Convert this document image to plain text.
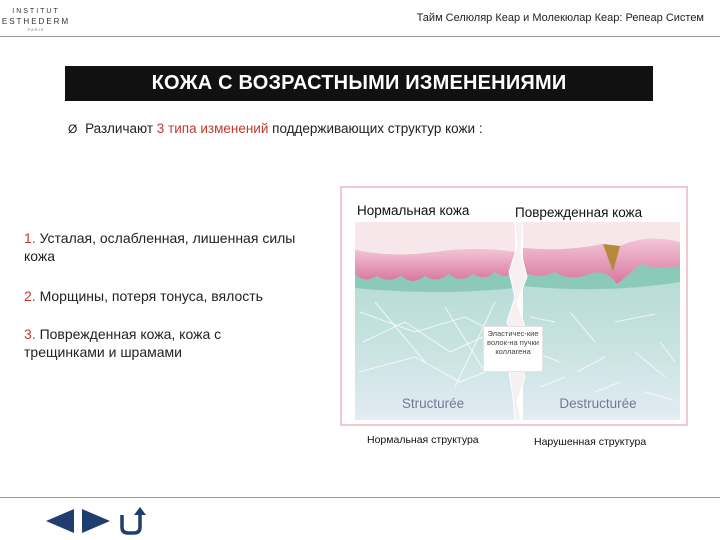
INSTITUT
ESTHEDERM
PARIS
Тайм Селюляр Кеар и Молекюлар Кеар: Репеар Систем
КОЖА С ВОЗРАСТНЫМИ ИЗМЕНЕНИЯМИ
Ø Различают 3 типа изменений поддерживающих структур кожи :
1. Усталая, ослабленная, лишенная силы кожа
2. Морщины, потеря тонуса, вялость
3. Поврежденная кожа, кожа с трещинками и шрамами
Structurée	Destructurée
Нормальная кожа	Поврежденная кожа
Эластичес-кие волок-на пучки коллагена
Нормальная структура	Нарушенная структура
